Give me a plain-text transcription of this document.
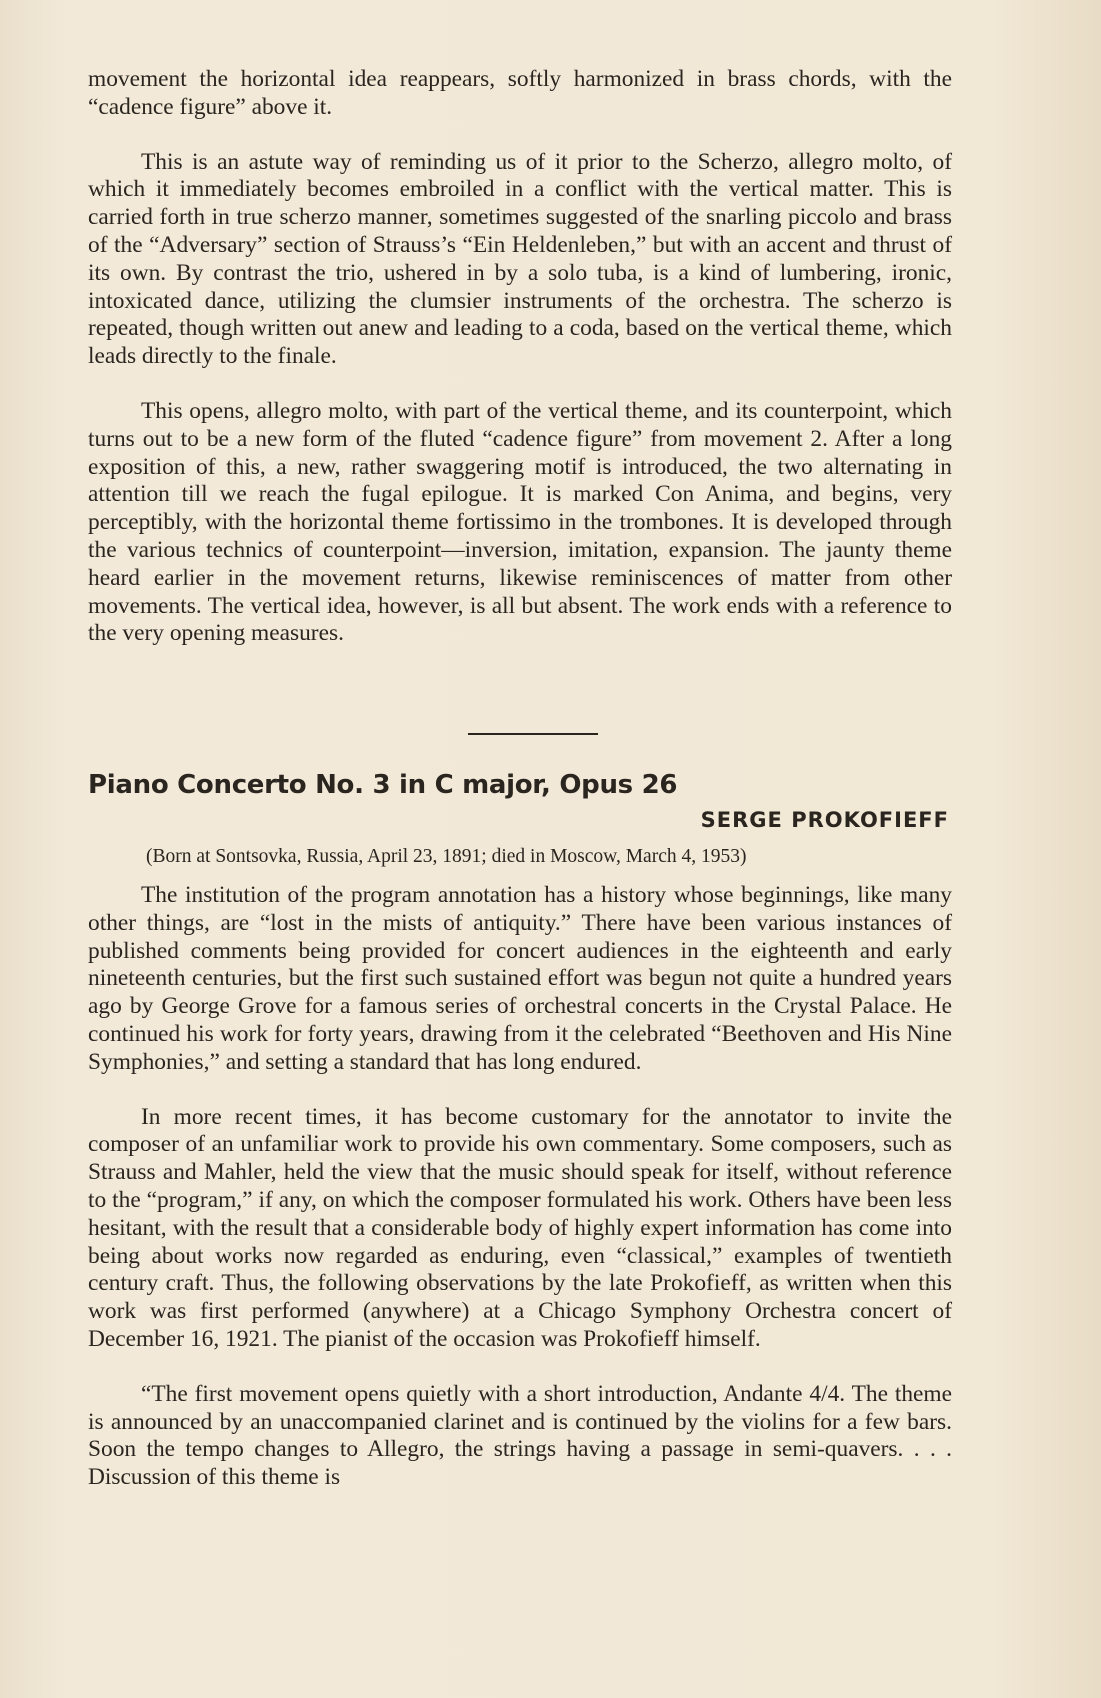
movement the horizontal idea reappears, softly harmonized in brass chords, with the “cadence figure” above it.

This is an astute way of reminding us of it prior to the Scherzo, allegro molto, of which it immediately becomes embroiled in a conflict with the vertical matter. This is carried forth in true scherzo manner, sometimes suggested of the snarling piccolo and brass of the “Adversary” section of Strauss’s “Ein Heldenleben,” but with an accent and thrust of its own. By contrast the trio, ushered in by a solo tuba, is a kind of lumbering, ironic, intoxicated dance, utilizing the clumsier instruments of the orchestra. The scherzo is repeated, though written out anew and leading to a coda, based on the vertical theme, which leads directly to the finale.

This opens, allegro molto, with part of the vertical theme, and its counterpoint, which turns out to be a new form of the fluted “cadence figure” from movement 2. After a long exposition of this, a new, rather swaggering motif is introduced, the two alternating in attention till we reach the fugal epilogue. It is marked Con Anima, and begins, very perceptibly, with the horizontal theme fortissimo in the trombones. It is developed through the various technics of counterpoint—inversion, imitation, expansion. The jaunty theme heard earlier in the movement returns, likewise reminiscences of matter from other movements. The vertical idea, however, is all but absent. The work ends with a reference to the very opening measures.

Piano Concerto No. 3 in C major, Opus 26
SERGE PROKOFIEFF
(Born at Sontsovka, Russia, April 23, 1891; died in Moscow, March 4, 1953)

The institution of the program annotation has a history whose beginnings, like many other things, are “lost in the mists of antiquity.” There have been various instances of published comments being provided for concert audiences in the eighteenth and early nineteenth centuries, but the first such sustained effort was begun not quite a hundred years ago by George Grove for a famous series of orchestral concerts in the Crystal Palace. He continued his work for forty years, drawing from it the celebrated “Beethoven and His Nine Symphonies,” and setting a standard that has long endured.

In more recent times, it has become customary for the annotator to invite the composer of an unfamiliar work to provide his own commentary. Some composers, such as Strauss and Mahler, held the view that the music should speak for itself, without reference to the “program,” if any, on which the composer formulated his work. Others have been less hesitant, with the result that a considerable body of highly expert information has come into being about works now regarded as enduring, even “classical,” examples of twentieth century craft. Thus, the following observations by the late Prokofieff, as written when this work was first performed (anywhere) at a Chicago Symphony Orchestra concert of December 16, 1921. The pianist of the occasion was Prokofieff himself.

“The first movement opens quietly with a short introduction, Andante 4/4. The theme is announced by an unaccompanied clarinet and is continued by the violins for a few bars. Soon the tempo changes to Allegro, the strings having a passage in semi-quavers. . . . Discussion of this theme is
